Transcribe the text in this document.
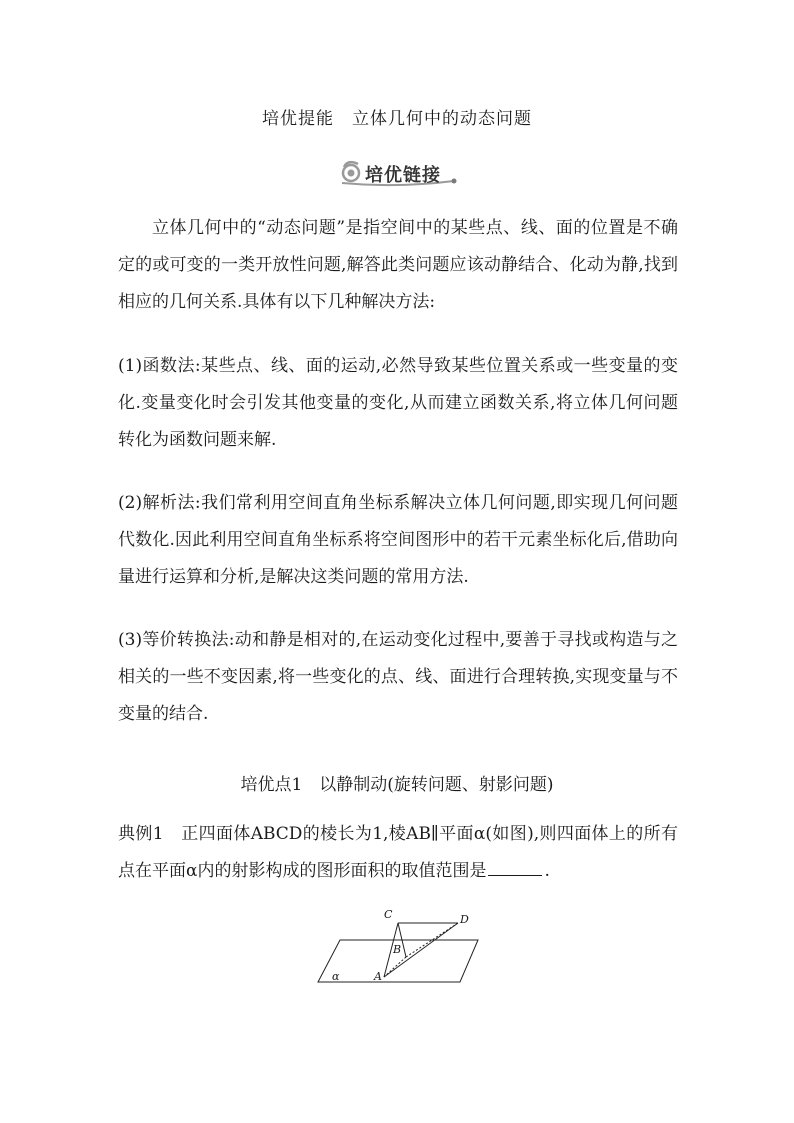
培优提能　立体几何中的动态问题
培优链接
立体几何中的“动态问题”是指空间中的某些点、线、面的位置是不确定的或可变的一类开放性问题,解答此类问题应该动静结合、化动为静,找到相应的几何关系.具体有以下几种解决方法:
(1)函数法:某些点、线、面的运动,必然导致某些位置关系或一些变量的变化.变量变化时会引发其他变量的变化,从而建立函数关系,将立体几何问题转化为函数问题来解.
(2)解析法:我们常利用空间直角坐标系解决立体几何问题,即实现几何问题代数化.因此利用空间直角坐标系将空间图形中的若干元素坐标化后,借助向量进行运算和分析,是解决这类问题的常用方法.
(3)等价转换法:动和静是相对的,在运动变化过程中,要善于寻找或构造与之相关的一些不变因素,将一些变化的点、线、面进行合理转换,实现变量与不变量的结合.
培优点1　以静制动(旋转问题、射影问题)
典例1　正四面体ABCD的棱长为1,棱AB∥平面α(如图),则四面体上的所有点在平面α内的射影构成的图形面积的取值范围是	.
C	D
B
A
α
